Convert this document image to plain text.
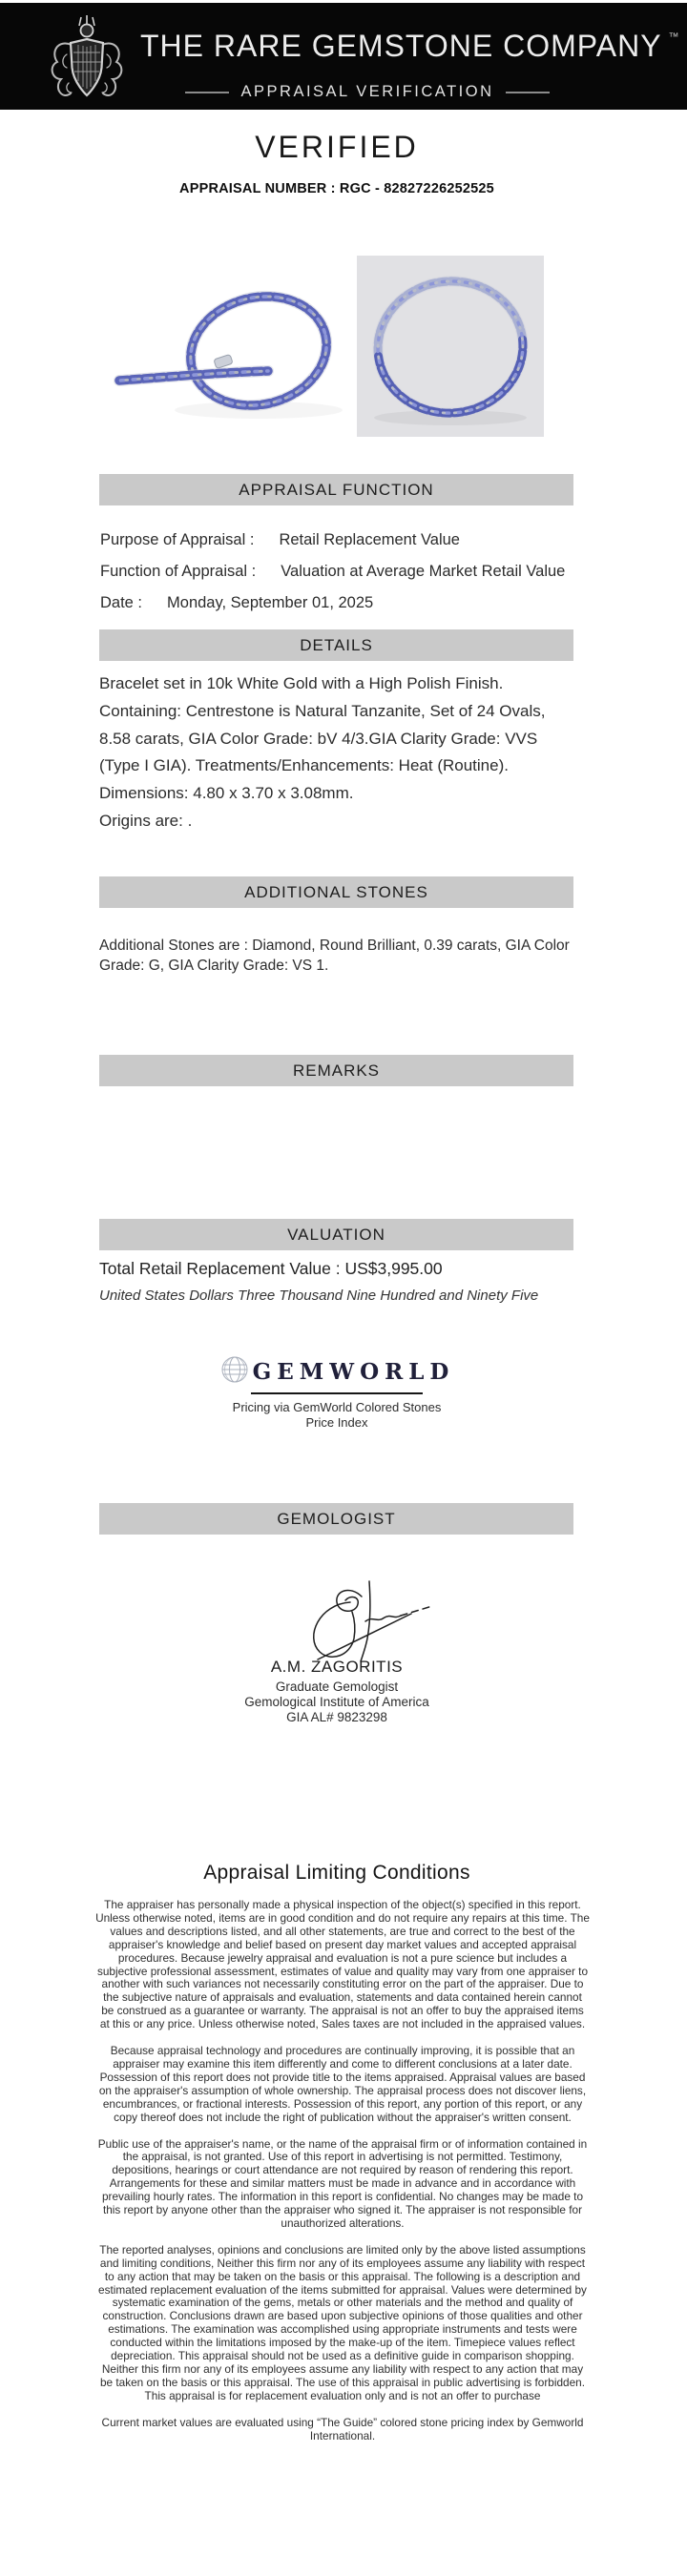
THE RARE GEMSTONE COMPANY ™
APPRAISAL VERIFICATION
VERIFIED
APPRAISAL NUMBER : RGC - 82827226252525
APPRAISAL FUNCTION
Purpose of Appraisal : Retail Replacement Value
Function of Appraisal : Valuation at Average Market Retail Value
Date : Monday, September 01, 2025
DETAILS
Bracelet set in 10k White Gold with a High Polish Finish.
Containing: Centrestone is Natural Tanzanite, Set of 24 Ovals,
8.58 carats, GIA Color Grade: bV 4/3.GIA Clarity Grade: VVS
(Type I GIA). Treatments/Enhancements: Heat (Routine).
Dimensions: 4.80 x 3.70 x 3.08mm.
Origins are: .
ADDITIONAL STONES
Additional Stones are : Diamond, Round Brilliant, 0.39 carats, GIA Color Grade: G, GIA Clarity Grade: VS 1.
REMARKS
VALUATION
Total Retail Replacement Value : US$3,995.00
United States Dollars Three Thousand Nine Hundred and Ninety Five
GEMWORLD
Pricing via GemWorld Colored Stones Price Index
GEMOLOGIST
A.M. ZAGORITIS
Graduate Gemologist
Gemological Institute of America
GIA AL# 9823298
Appraisal Limiting Conditions
The appraiser has personally made a physical inspection of the object(s) specified in this report. Unless otherwise noted, items are in good condition and do not require any repairs at this time. The values and descriptions listed, and all other statements, are true and correct to the best of the appraiser's knowledge and belief based on present day market values and accepted appraisal procedures. Because jewelry appraisal and evaluation is not a pure science but includes a subjective professional assessment, estimates of value and quality may vary from one appraiser to another with such variances not necessarily constituting error on the part of the appraiser. Due to the subjective nature of appraisals and evaluation, statements and data contained herein cannot be construed as a guarantee or warranty. The appraisal is not an offer to buy the appraised items at this or any price. Unless otherwise noted, Sales taxes are not included in the appraised values.
Because appraisal technology and procedures are continually improving, it is possible that an appraiser may examine this item differently and come to different conclusions at a later date. Possession of this report does not provide title to the items appraised. Appraisal values are based on the appraiser's assumption of whole ownership. The appraisal process does not discover liens, encumbrances, or fractional interests. Possession of this report, any portion of this report, or any copy thereof does not include the right of publication without the appraiser's written consent.
Public use of the appraiser's name, or the name of the appraisal firm or of information contained in the appraisal, is not granted. Use of this report in advertising is not permitted. Testimony, depositions, hearings or court attendance are not required by reason of rendering this report. Arrangements for these and similar matters must be made in advance and in accordance with prevailing hourly rates. The information in this report is confidential. No changes may be made to this report by anyone other than the appraiser who signed it. The appraiser is not responsible for unauthorized alterations.
The reported analyses, opinions and conclusions are limited only by the above listed assumptions and limiting conditions, Neither this firm nor any of its employees assume any liability with respect to any action that may be taken on the basis or this appraisal. The following is a description and estimated replacement evaluation of the items submitted for appraisal. Values were determined by systematic examination of the gems, metals or other materials and the method and quality of construction. Conclusions drawn are based upon subjective opinions of those qualities and other estimations. The examination was accomplished using appropriate instruments and tests were conducted within the limitations imposed by the make-up of the item. Timepiece values reflect depreciation. This appraisal should not be used as a definitive guide in comparison shopping. Neither this firm nor any of its employees assume any liability with respect to any action that may be taken on the basis or this appraisal. The use of this appraisal in public advertising is forbidden. This appraisal is for replacement evaluation only and is not an offer to purchase
Current market values are evaluated using “The Guide” colored stone pricing index by Gemworld International.
